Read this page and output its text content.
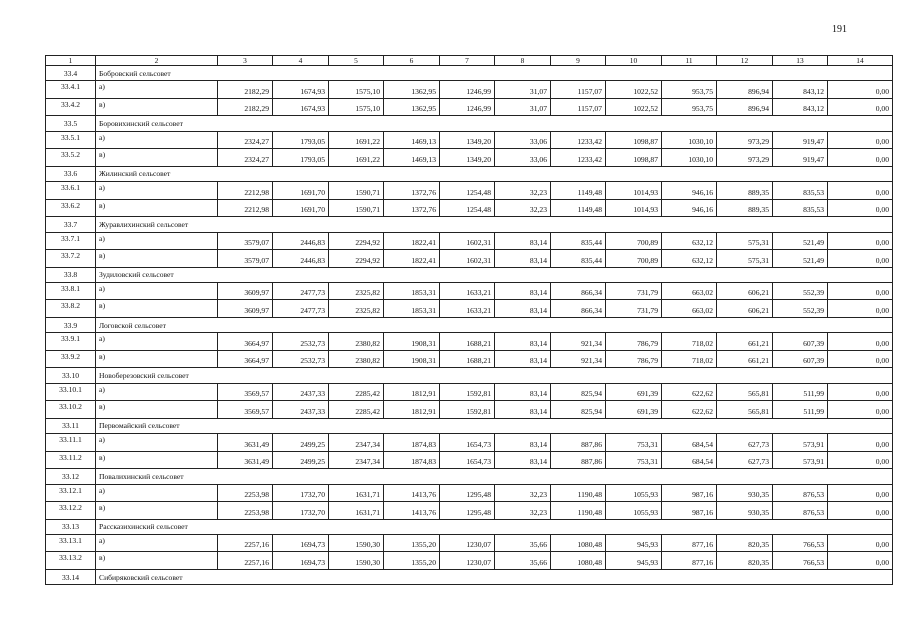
191
1	2	3	4	5	6	7	8	9	10	11	12	13	14
33.4	Бобровский сельсовет												
33.4.1	а)	2182,29	1674,93	1575,10	1362,95	1246,99	31,07	1157,07	1022,52	953,75	896,94	843,12	0,00
33.4.2	в)	2182,29	1674,93	1575,10	1362,95	1246,99	31,07	1157,07	1022,52	953,75	896,94	843,12	0,00
33.5	Боровихинский сельсовет												
33.5.1	а)	2324,27	1793,05	1691,22	1469,13	1349,20	33,06	1233,42	1098,87	1030,10	973,29	919,47	0,00
33.5.2	в)	2324,27	1793,05	1691,22	1469,13	1349,20	33,06	1233,42	1098,87	1030,10	973,29	919,47	0,00
33.6	Жилинский сельсовет												
33.6.1	а)	2212,98	1691,70	1590,71	1372,76	1254,48	32,23	1149,48	1014,93	946,16	889,35	835,53	0,00
33.6.2	в)	2212,98	1691,70	1590,71	1372,76	1254,48	32,23	1149,48	1014,93	946,16	889,35	835,53	0,00
33.7	Журавлихинский сельсовет												
33.7.1	а)	3579,07	2446,83	2294,92	1822,41	1602,31	83,14	835,44	700,89	632,12	575,31	521,49	0,00
33.7.2	в)	3579,07	2446,83	2294,92	1822,41	1602,31	83,14	835,44	700,89	632,12	575,31	521,49	0,00
33.8	Зудиловский сельсовет												
33.8.1	а)	3609,97	2477,73	2325,82	1853,31	1633,21	83,14	866,34	731,79	663,02	606,21	552,39	0,00
33.8.2	в)	3609,97	2477,73	2325,82	1853,31	1633,21	83,14	866,34	731,79	663,02	606,21	552,39	0,00
33.9	Логовской сельсовет												
33.9.1	а)	3664,97	2532,73	2380,82	1908,31	1688,21	83,14	921,34	786,79	718,02	661,21	607,39	0,00
33.9.2	в)	3664,97	2532,73	2380,82	1908,31	1688,21	83,14	921,34	786,79	718,02	661,21	607,39	0,00
33.10	Новоберезовский сельсовет												
33.10.1	а)	3569,57	2437,33	2285,42	1812,91	1592,81	83,14	825,94	691,39	622,62	565,81	511,99	0,00
33.10.2	в)	3569,57	2437,33	2285,42	1812,91	1592,81	83,14	825,94	691,39	622,62	565,81	511,99	0,00
33.11	Первомайский сельсовет												
33.11.1	а)	3631,49	2499,25	2347,34	1874,83	1654,73	83,14	887,86	753,31	684,54	627,73	573,91	0,00
33.11.2	в)	3631,49	2499,25	2347,34	1874,83	1654,73	83,14	887,86	753,31	684,54	627,73	573,91	0,00
33.12	Повалихинский сельсовет												
33.12.1	а)	2253,98	1732,70	1631,71	1413,76	1295,48	32,23	1190,48	1055,93	987,16	930,35	876,53	0,00
33.12.2	в)	2253,98	1732,70	1631,71	1413,76	1295,48	32,23	1190,48	1055,93	987,16	930,35	876,53	0,00
33.13	Рассказихинский сельсовет												
33.13.1	а)	2257,16	1694,73	1590,30	1355,20	1230,07	35,66	1080,48	945,93	877,16	820,35	766,53	0,00
33.13.2	в)	2257,16	1694,73	1590,30	1355,20	1230,07	35,66	1080,48	945,93	877,16	820,35	766,53	0,00
33.14	Сибиряковский сельсовет												
